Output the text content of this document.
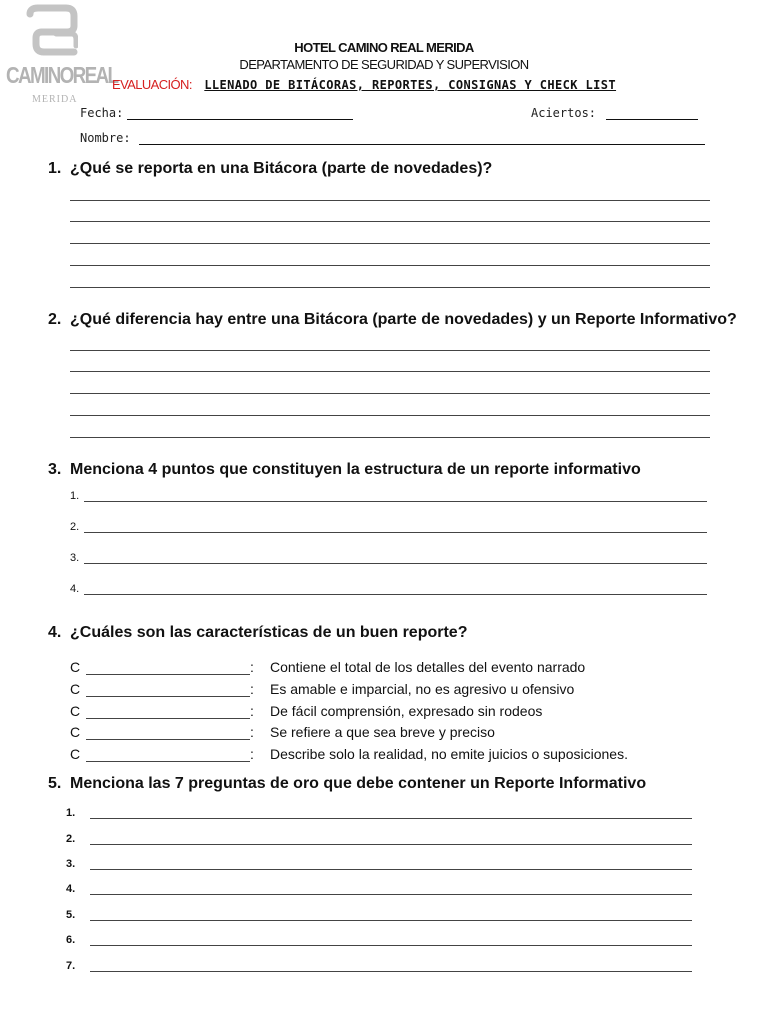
CAMINOREAL
MERIDA
HOTEL CAMINO REAL MERIDA
DEPARTAMENTO DE SEGURIDAD Y SUPERVISION
EVALUACIÓN: LLENADO DE BITÁCORAS, REPORTES, CONSIGNAS Y CHECK LIST
Fecha:	Aciertos:
Nombre:
1. ¿Qué se reporta en una Bitácora (parte de novedades)?
2. ¿Qué diferencia hay entre una Bitácora (parte de novedades) y un Reporte Informativo?
3. Menciona 4 puntos que constituyen la estructura de un reporte informativo
1.
2.
3.
4.
4. ¿Cuáles son las características de un buen reporte?
C	:	Contiene el total de los detalles del evento narrado
C	:	Es amable e imparcial, no es agresivo u ofensivo
C	:	De fácil comprensión, expresado sin rodeos
C	:	Se refiere a que sea breve y preciso
C	:	Describe solo la realidad, no emite juicios o suposiciones.
5. Menciona las 7 preguntas de oro que debe contener un Reporte Informativo
1.
2.
3.
4.
5.
6.
7.
